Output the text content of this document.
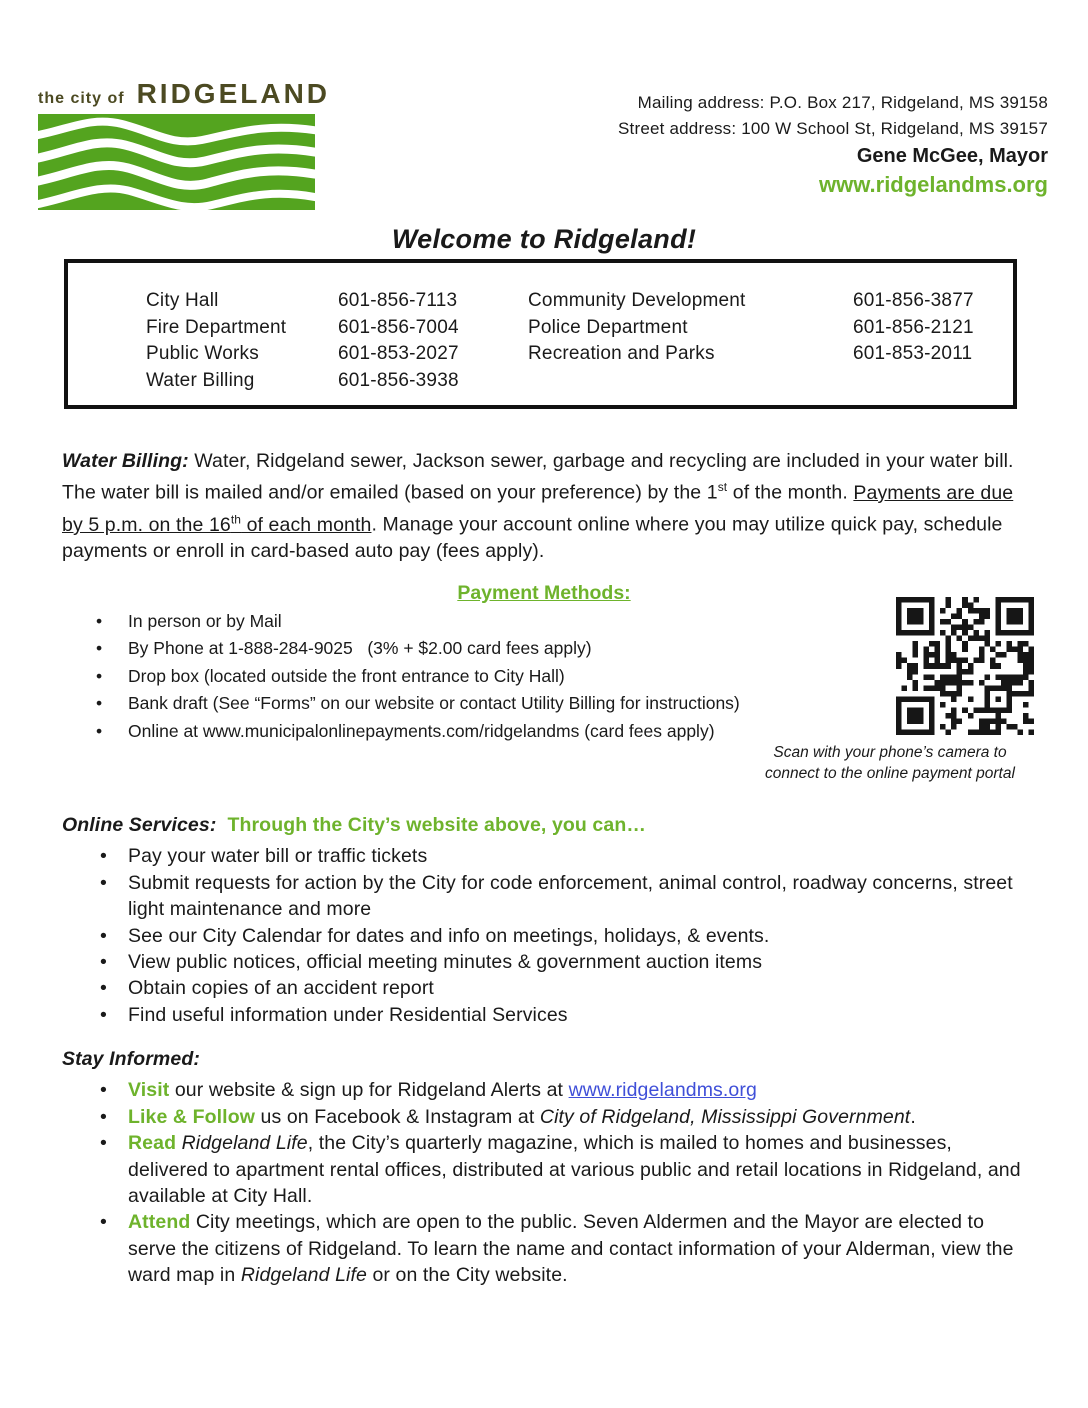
the city of RIDGELAND	Mailing address: P.O. Box 217, Ridgeland, MS 39158
Street address: 100 W School St, Ridgeland, MS 39157
Gene McGee, Mayor
www.ridgelandms.org
Welcome to Ridgeland!
City Hall	601-856-7113	Community Development	601-856-3877
Fire Department	601-856-7004	Police Department	601-856-2121
Public Works	601-853-2027	Recreation and Parks	601-853-2011
Water Billing	601-856-3938
Water Billing: Water, Ridgeland sewer, Jackson sewer, garbage and recycling are included in your water bill. The water bill is mailed and/or emailed (based on your preference) by the 1st of the month. Payments are due by 5 p.m. on the 16th of each month. Manage your account online where you may utilize quick pay, schedule payments or enroll in card-based auto pay (fees apply).
Payment Methods:
• In person or by Mail
• By Phone at 1-888-284-9025   (3% + $2.00 card fees apply)
• Drop box (located outside the front entrance to City Hall)
• Bank draft (See “Forms” on our website or contact Utility Billing for instructions)
• Online at www.municipalonlinepayments.com/ridgelandms (card fees apply)
Scan with your phone’s camera to
connect to the online payment portal
Online Services: Through the City’s website above, you can…
• Pay your water bill or traffic tickets
• Submit requests for action by the City for code enforcement, animal control, roadway concerns, street light maintenance and more
• See our City Calendar for dates and info on meetings, holidays, & events.
• View public notices, official meeting minutes & government auction items
• Obtain copies of an accident report
• Find useful information under Residential Services
Stay Informed:
• Visit our website & sign up for Ridgeland Alerts at www.ridgelandms.org
• Like & Follow us on Facebook & Instagram at City of Ridgeland, Mississippi Government.
• Read Ridgeland Life, the City’s quarterly magazine, which is mailed to homes and businesses, delivered to apartment rental offices, distributed at various public and retail locations in Ridgeland, and available at City Hall.
• Attend City meetings, which are open to the public. Seven Aldermen and the Mayor are elected to serve the citizens of Ridgeland. To learn the name and contact information of your Alderman, view the ward map in Ridgeland Life or on the City website.
